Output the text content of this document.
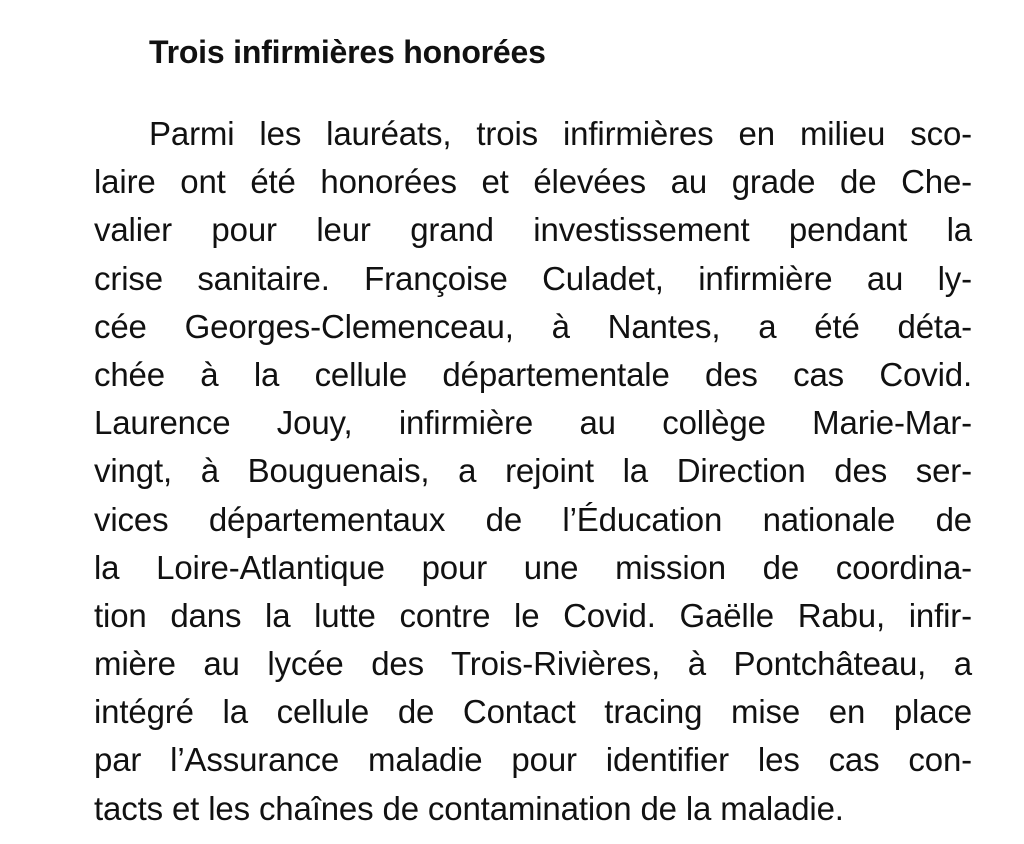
Trois infirmières honorées
Parmi les lauréats, trois infirmières en milieu sco-
laire ont été honorées et élevées au grade de Che-
valier pour leur grand investissement pendant la
crise sanitaire. Françoise Culadet, infirmière au ly-
cée Georges-Clemenceau, à Nantes, a été déta-
chée à la cellule départementale des cas Covid.
Laurence Jouy, infirmière au collège Marie-Mar-
vingt, à Bouguenais, a rejoint la Direction des ser-
vices départementaux de l’Éducation nationale de
la Loire-Atlantique pour une mission de coordina-
tion dans la lutte contre le Covid. Gaëlle Rabu, infir-
mière au lycée des Trois-Rivières, à Pontchâteau, a
intégré la cellule de Contact tracing mise en place
par l’Assurance maladie pour identifier les cas con-
tacts et les chaînes de contamination de la maladie.
